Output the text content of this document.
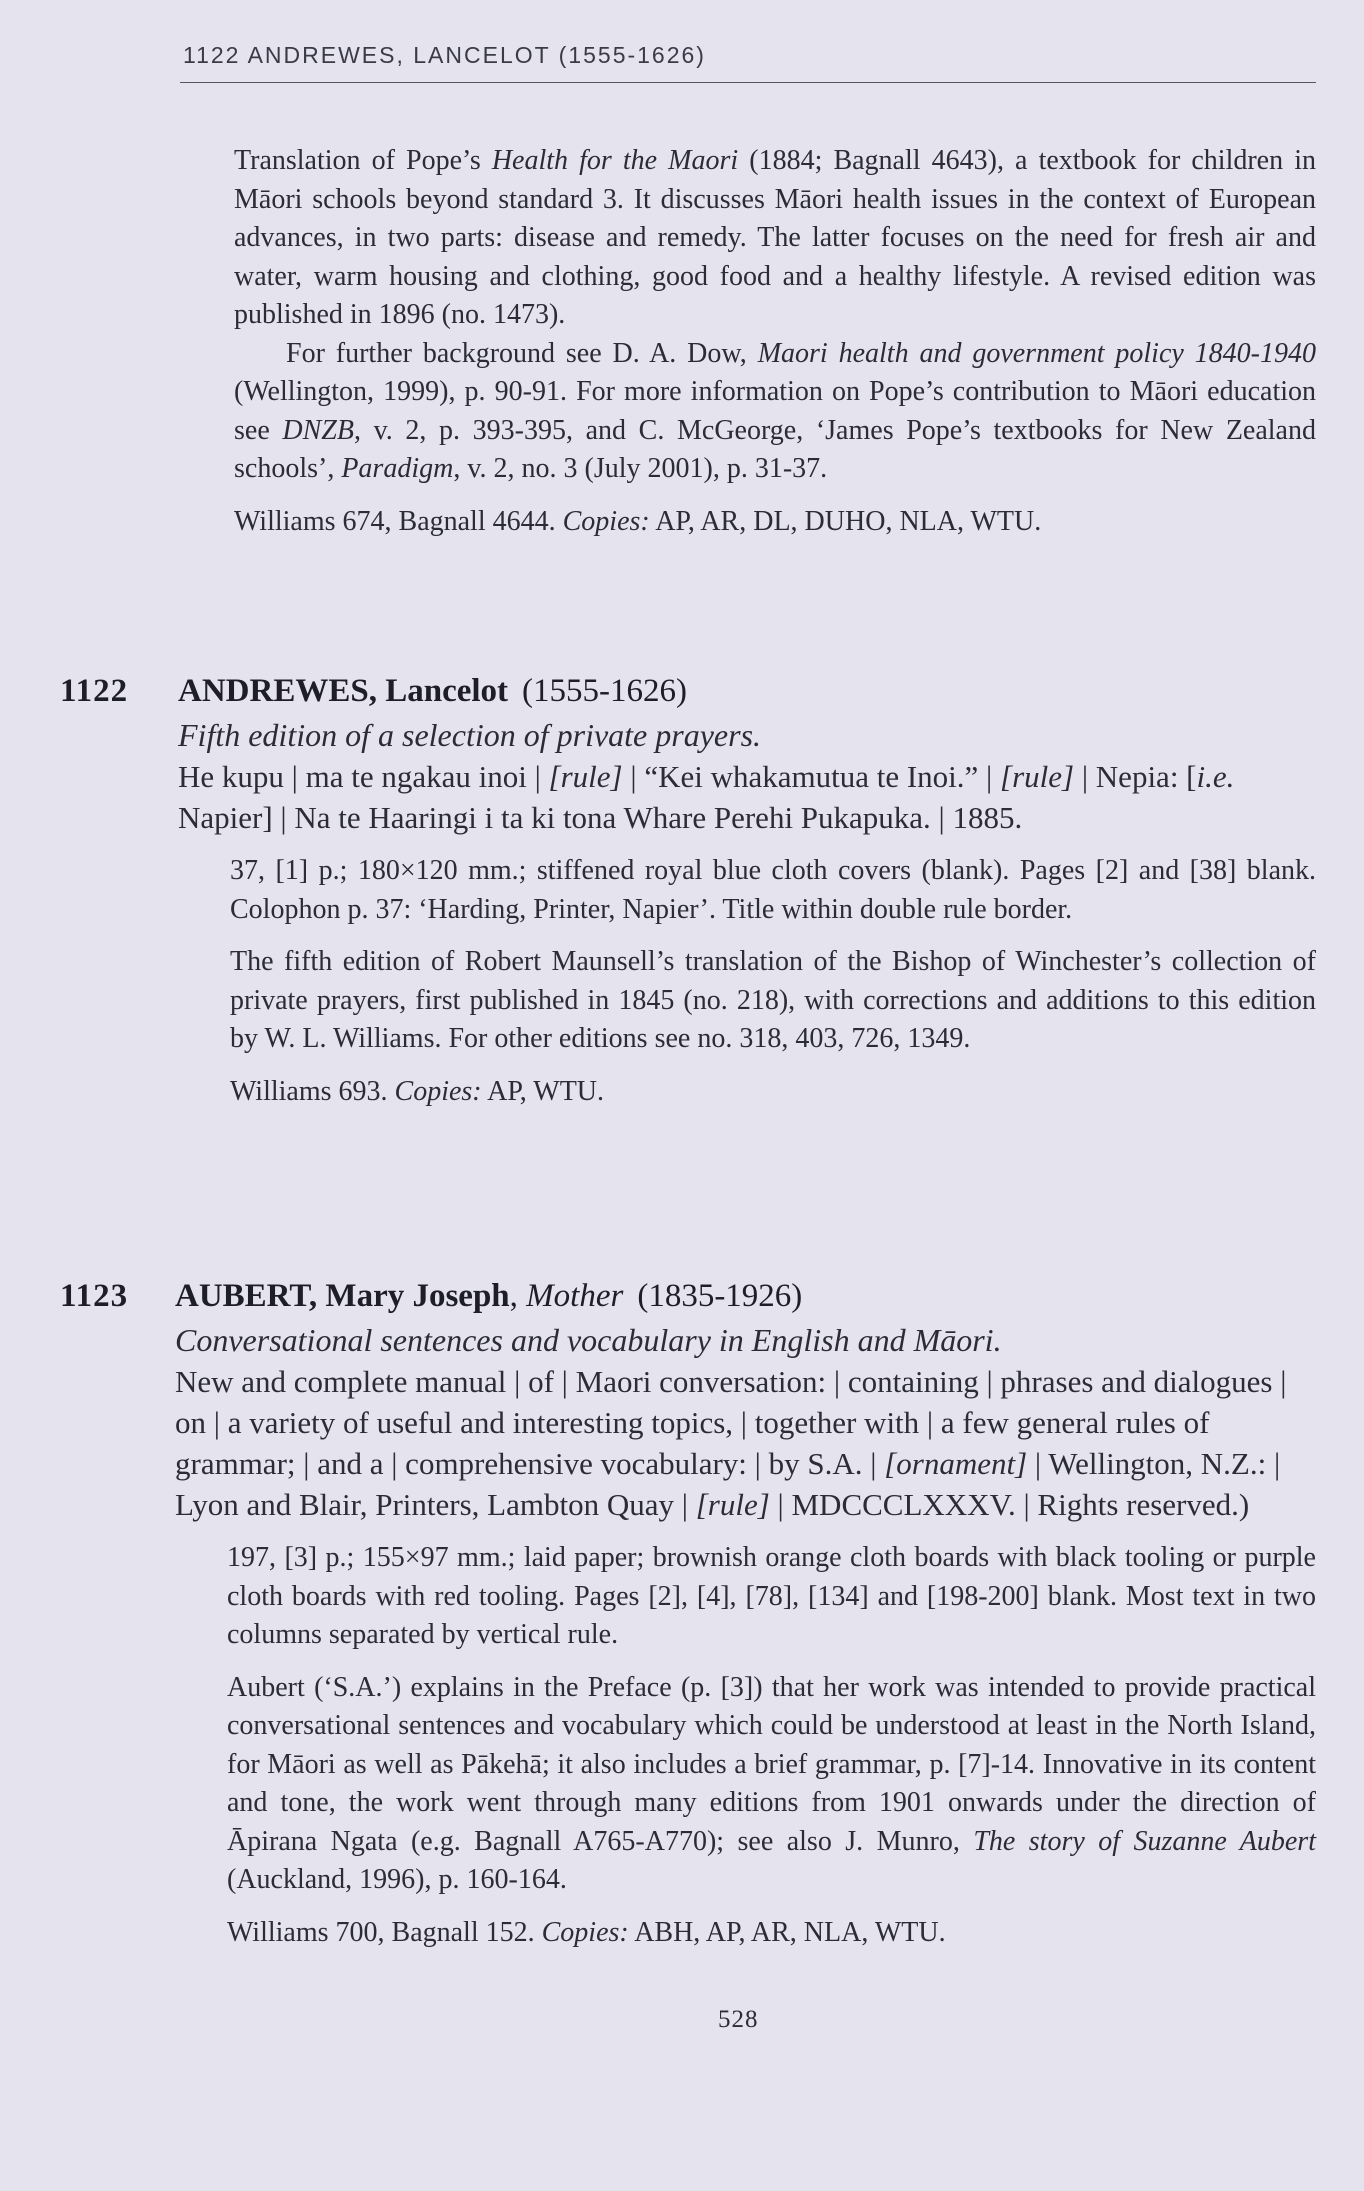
1122 ANDREWES, LANCELOT (1555-1626)

Translation of Pope’s Health for the Maori (1884; Bagnall 4643), a textbook for children in Māori schools beyond standard 3. It discusses Māori health issues in the context of European advances, in two parts: disease and remedy. The latter focuses on the need for fresh air and water, warm housing and clothing, good food and a healthy lifestyle. A revised edition was published in 1896 (no. 1473).

For further background see D. A. Dow, Maori health and government policy 1840-1940 (Wellington, 1999), p. 90-91. For more information on Pope’s contribution to Māori education see DNZB, v. 2, p. 393-395, and C. McGeorge, ‘James Pope’s textbooks for New Zealand schools’, Paradigm, v. 2, no. 3 (July 2001), p. 31-37.

Williams 674, Bagnall 4644. Copies: AP, AR, DL, DUHO, NLA, WTU.

1122 ANDREWES, Lancelot (1555-1626)

Fifth edition of a selection of private prayers.

He kupu | ma te ngakau inoi | [rule] | “Kei whakamutua te Inoi.” | [rule] | Nepia: [i.e. Napier] | Na te Haaringi i ta ki tona Whare Perehi Pukapuka. | 1885.

37, [1] p.; 180×120 mm.; stiffened royal blue cloth covers (blank). Pages [2] and [38] blank. Colophon p. 37: ‘Harding, Printer, Napier’. Title within double rule border.

The fifth edition of Robert Maunsell’s translation of the Bishop of Winchester’s collection of private prayers, first published in 1845 (no. 218), with corrections and additions to this edition by W. L. Williams. For other editions see no. 318, 403, 726, 1349.

Williams 693. Copies: AP, WTU.

1123 AUBERT, Mary Joseph, Mother (1835-1926)

Conversational sentences and vocabulary in English and Māori.

New and complete manual | of | Maori conversation: | containing | phrases and dialogues | on | a variety of useful and interesting topics, | together with | a few general rules of grammar; | and a | comprehensive vocabulary: | by S.A. | [ornament] | Wellington, N.Z.: | Lyon and Blair, Printers, Lambton Quay | [rule] | MDCCCLXXXV. | Rights reserved.)

197, [3] p.; 155×97 mm.; laid paper; brownish orange cloth boards with black tooling or purple cloth boards with red tooling. Pages [2], [4], [78], [134] and [198-200] blank. Most text in two columns separated by vertical rule.

Aubert (‘S.A.’) explains in the Preface (p. [3]) that her work was intended to provide practical conversational sentences and vocabulary which could be understood at least in the North Island, for Māori as well as Pākehā; it also includes a brief grammar, p. [7]-14. Innovative in its content and tone, the work went through many editions from 1901 onwards under the direction of Āpirana Ngata (e.g. Bagnall A765-A770); see also J. Munro, The story of Suzanne Aubert (Auckland, 1996), p. 160-164.

Williams 700, Bagnall 152. Copies: ABH, AP, AR, NLA, WTU.

528
